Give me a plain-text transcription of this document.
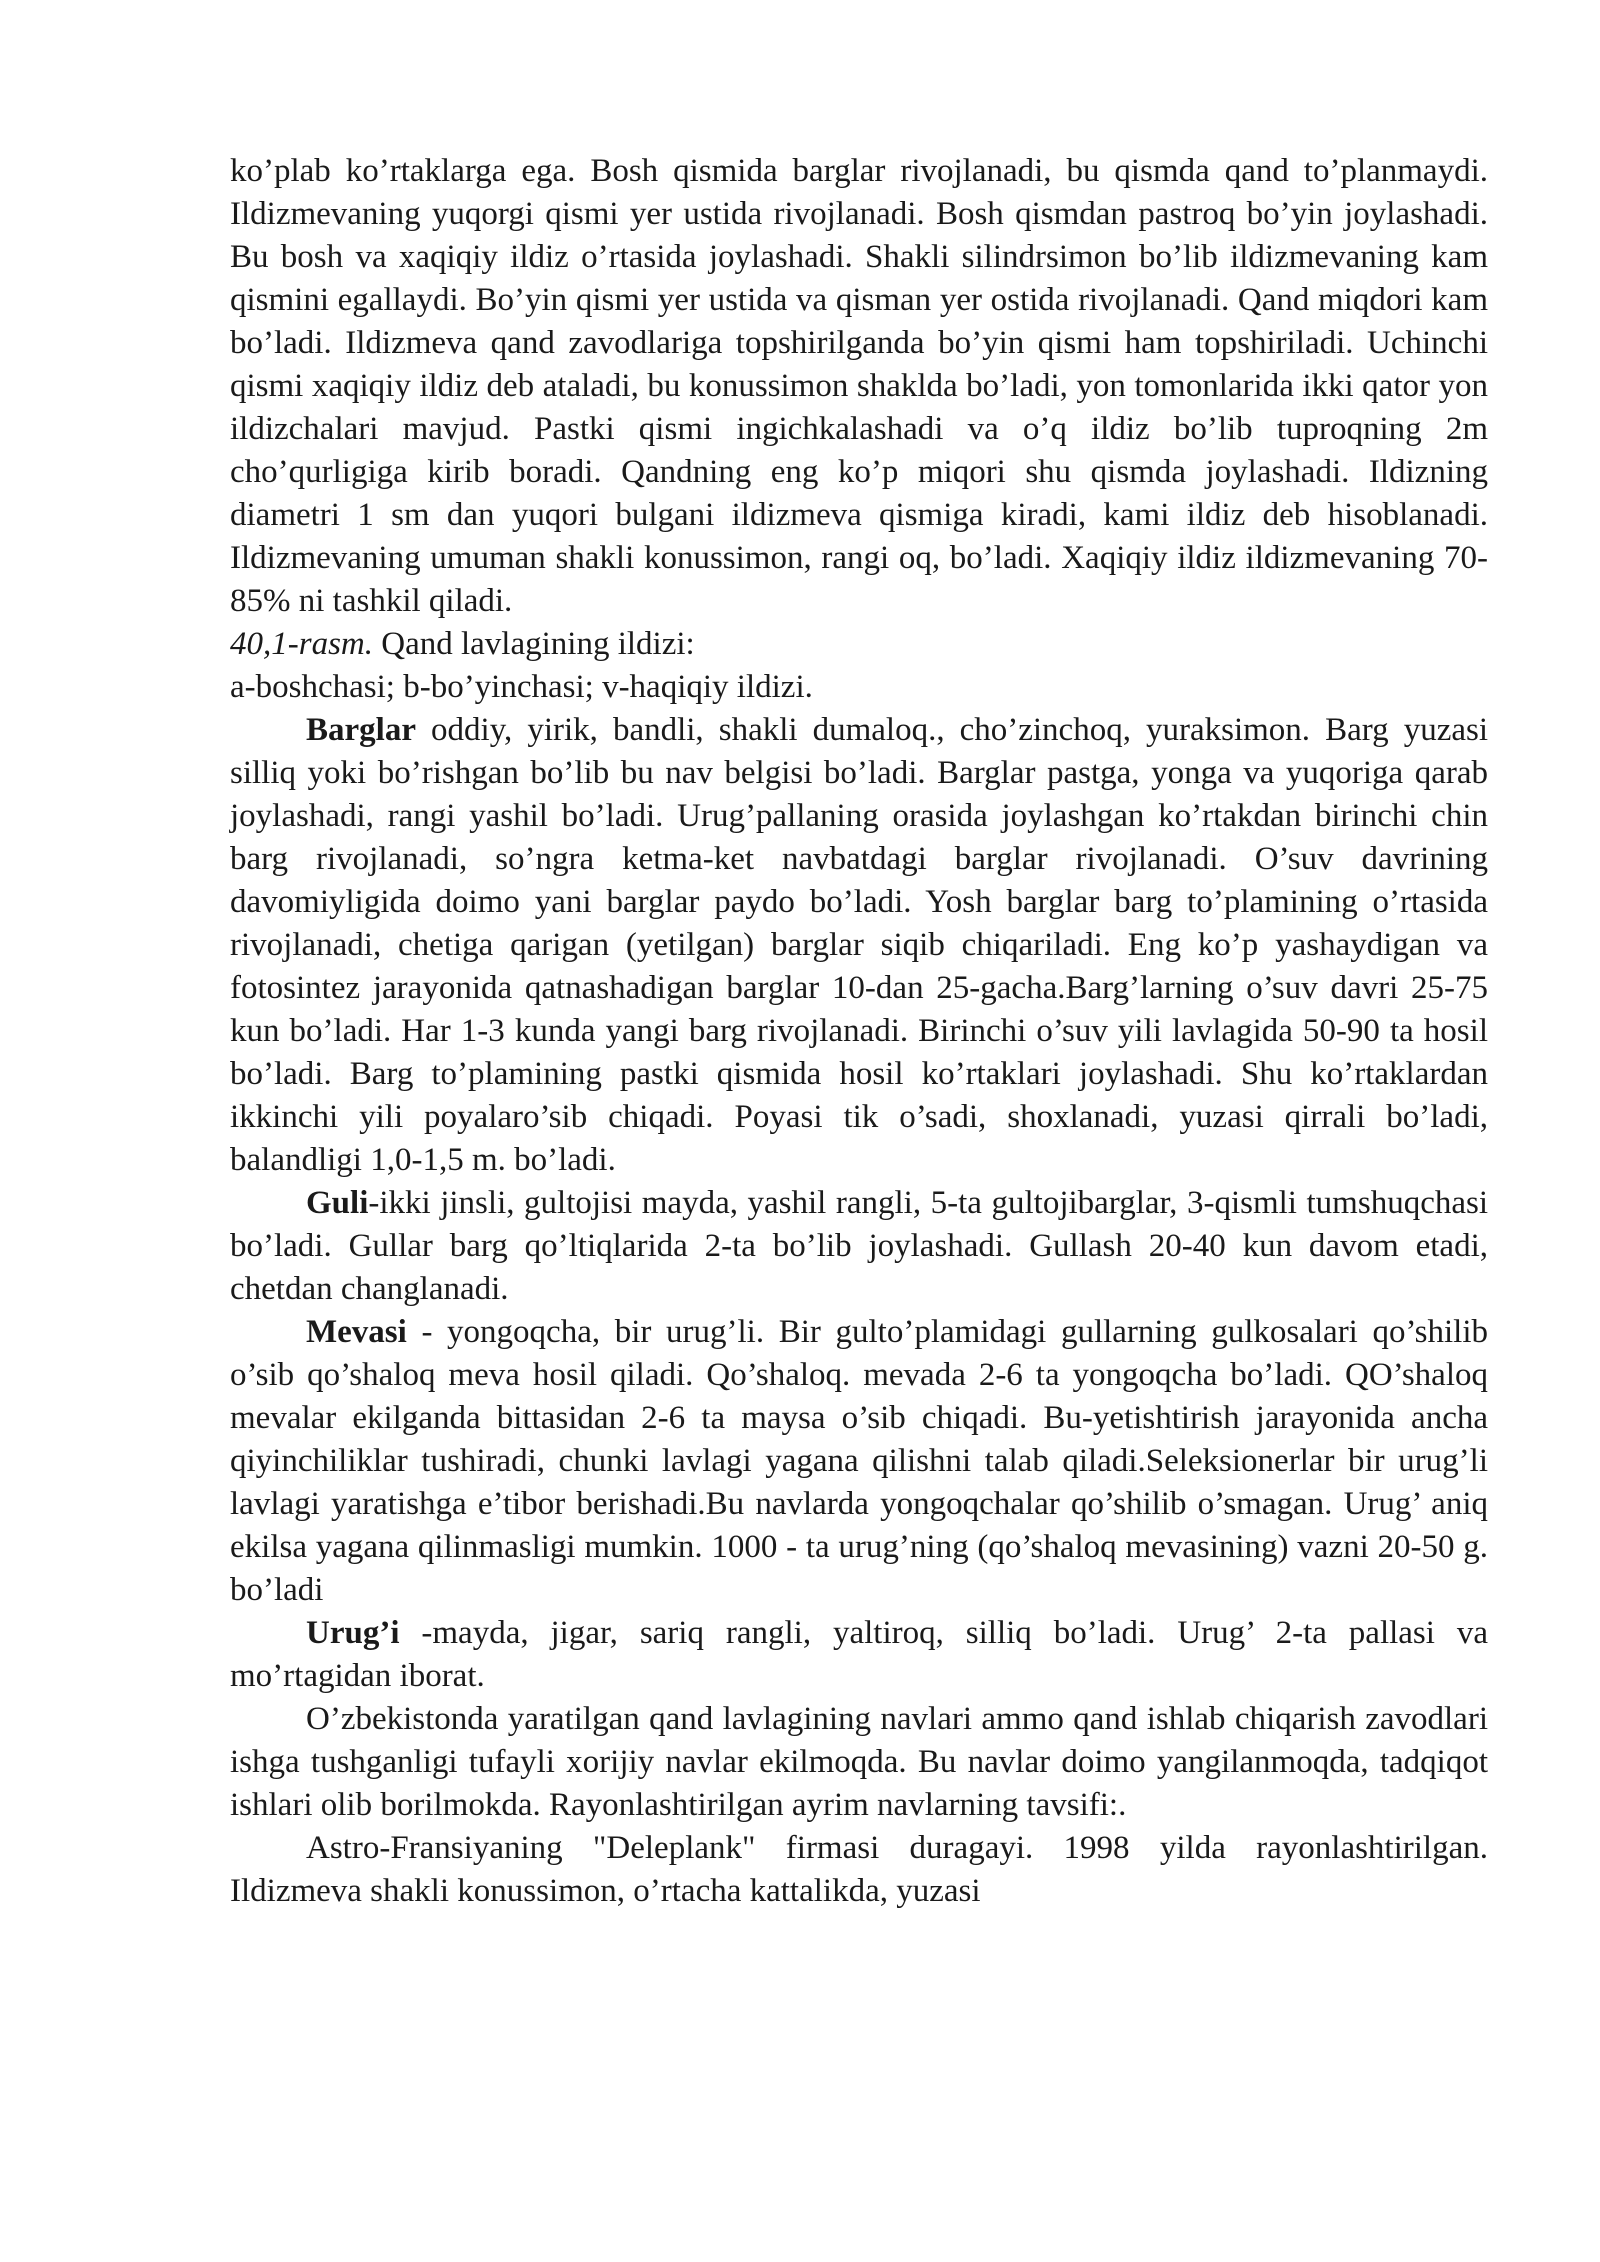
ko’plab ko’rtaklarga ega. Bosh qismida barglar rivojlanadi, bu qismda qand to’planmaydi. Ildizmevaning yuqorgi qismi yer ustida rivojlanadi. Bosh qismdan pastroq bo’yin joylashadi. Bu bosh va xaqiqiy ildiz o’rtasida joylashadi. Shakli silindrsimon bo’lib ildizmevaning kam qismini egallaydi. Bo’yin qismi yer ustida va qisman yer ostida rivojlanadi. Qand miqdori kam bo’ladi. Ildizmeva qand zavodlariga topshirilganda bo’yin qismi ham topshiriladi. Uchinchi qismi xaqiqiy ildiz deb ataladi, bu konussimon shaklda bo’ladi, yon tomonlarida ikki qator yon ildizchalari mavjud. Pastki qismi ingichkalashadi va o’q ildiz bo’lib tuproqning 2m cho’qurligiga kirib boradi. Qandning eng ko’p miqori shu qismda joylashadi. Ildizning diametri 1 sm dan yuqori bulgani ildizmeva qismiga kiradi, kami ildiz deb hisoblanadi. Ildizmevaning umuman shakli konussimon, rangi oq, bo’ladi. Xaqiqiy ildiz ildizmevaning 70-85% ni tashkil qiladi.

40,1-rasm. Qand lavlagining ildizi:

a-boshchasi; b-bo’yinchasi; v-haqiqiy ildizi.

Barglar oddiy, yirik, bandli, shakli dumaloq., cho’zinchoq, yuraksimon. Barg yuzasi silliq yoki bo’rishgan bo’lib bu nav belgisi bo’ladi. Barglar pastga, yonga va yuqoriga qarab joylashadi, rangi yashil bo’ladi. Urug’pallaning orasida joylashgan ko’rtakdan birinchi chin barg rivojlanadi, so’ngra ketma-ket navbatdagi barglar rivojlanadi. O’suv davrining davomiyligida doimo yani barglar paydo bo’ladi. Yosh barglar barg to’plamining o’rtasida rivojlanadi, chetiga qarigan (yetilgan) barglar siqib chiqariladi. Eng ko’p yashaydigan va fotosintez jarayonida qatnashadigan barglar 10-dan 25-gacha.Barg’larning o’suv davri 25-75 kun bo’ladi. Har 1-3 kunda yangi barg rivojlanadi. Birinchi o’suv yili lavlagida 50-90 ta hosil bo’ladi. Barg to’plamining pastki qismida hosil ko’rtaklari joylashadi. Shu ko’rtaklardan ikkinchi yili poyalaro’sib chiqadi. Poyasi tik o’sadi, shoxlanadi, yuzasi qirrali bo’ladi, balandligi 1,0-1,5 m. bo’ladi.

Guli-ikki jinsli, gultojisi mayda, yashil rangli, 5-ta gultojibarglar, 3-qismli tumshuqchasi bo’ladi. Gullar barg qo’ltiqlarida 2-ta bo’lib joylashadi. Gullash 20-40 kun davom etadi, chetdan changlanadi.

Mevasi - yongoqcha, bir urug’li. Bir gulto’plamidagi gullarning gulkosalari qo’shilib o’sib qo’shaloq meva hosil qiladi. Qo’shaloq. mevada 2-6 ta yongoqcha bo’ladi. QO’shaloq mevalar ekilganda bittasidan 2-6 ta maysa o’sib chiqadi. Bu-yetishtirish jarayonida ancha qiyinchiliklar tushiradi, chunki lavlagi yagana qilishni talab qiladi.Seleksionerlar bir urug’li lavlagi yaratishga e’tibor berishadi.Bu navlarda yongoqchalar qo’shilib o’smagan. Urug’ aniq ekilsa yagana qilinmasligi mumkin. 1000 - ta urug’ning (qo’shaloq mevasining) vazni 20-50 g. bo’ladi

Urug’i -mayda, jigar, sariq rangli, yaltiroq, silliq bo’ladi. Urug’ 2-ta pallasi va mo’rtagidan iborat.

O’zbekistonda yaratilgan qand lavlagining navlari ammo qand ishlab chiqarish zavodlari ishga tushganligi tufayli xorijiy navlar ekilmoqda. Bu navlar doimo yangilanmoqda, tadqiqot ishlari olib borilmokda. Rayonlashtirilgan ayrim navlarning tavsifi:.

Astro-Fransiyaning "Deleplank" firmasi duragayi. 1998 yilda rayonlashtirilgan. Ildizmeva shakli konussimon, o’rtacha kattalikda, yuzasi
